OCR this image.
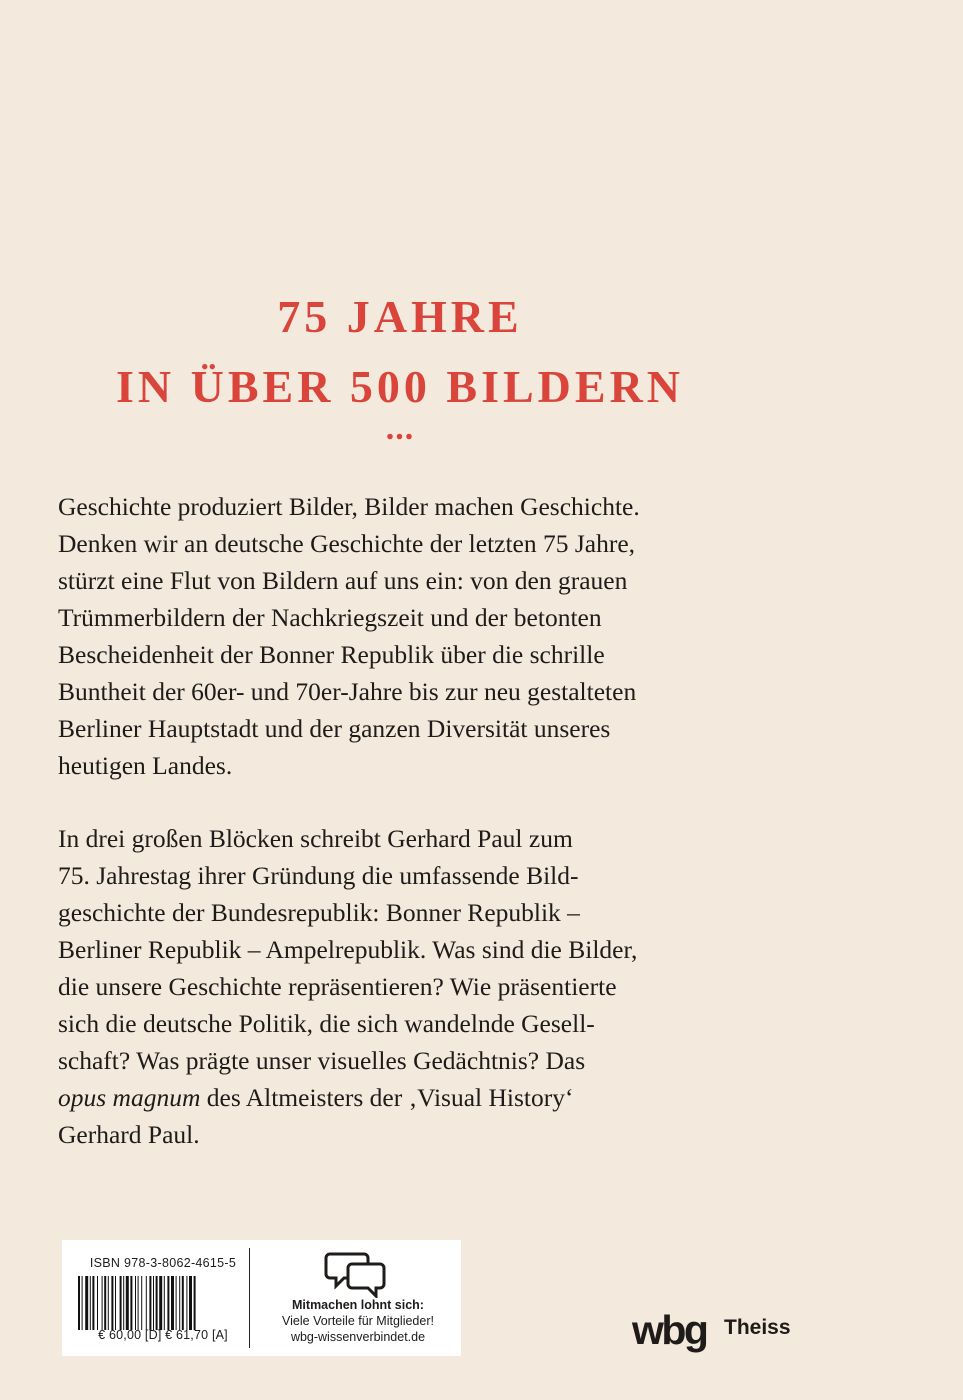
75 JAHRE
IN ÜBER 500 BILDERN
...
Geschichte produziert Bilder, Bilder machen Geschichte.
Denken wir an deutsche Geschichte der letzten 75 Jahre,
stürzt eine Flut von Bildern auf uns ein: von den grauen
Trümmerbildern der Nachkriegszeit und der betonten
Bescheidenheit der Bonner Republik über die schrille
Buntheit der 60er- und 70er-Jahre bis zur neu gestalteten
Berliner Hauptstadt und der ganzen Diversität unseres
heutigen Landes.
In drei großen Blöcken schreibt Gerhard Paul zum
75. Jahrestag ihrer Gründung die umfassende Bild-
geschichte der Bundesrepublik: Bonner Republik –
Berliner Republik – Ampelrepublik. Was sind die Bilder,
die unsere Geschichte repräsentieren? Wie präsentierte
sich die deutsche Politik, die sich wandelnde Gesell-
schaft? Was prägte unser visuelles Gedächtnis? Das
opus magnum des Altmeisters der ‚Visual History‘
Gerhard Paul.
ISBN 978-3-8062-4615-5
€ 60,00 [D] € 61,70 [A]
Mitmachen lohnt sich:
Viele Vorteile für Mitglieder!
wbg-wissenverbindet.de	wbg Theiss
